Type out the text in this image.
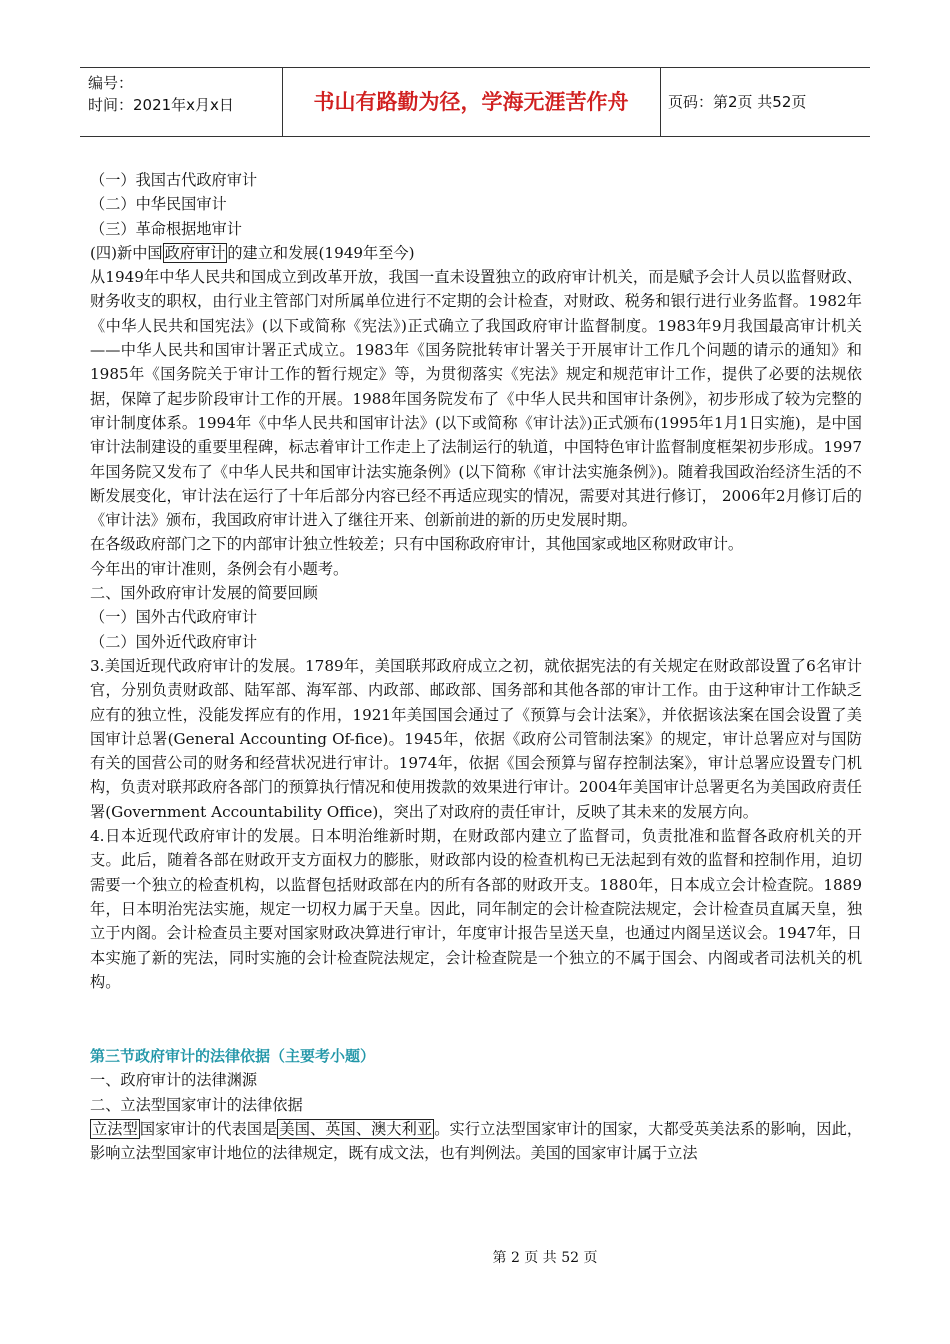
编号：
时间：2021年x月x日	书山有路勤为径，学海无涯苦作舟	页码：第2页 共52页

（一）我国古代政府审计

（二）中华民国审计

（三）革命根据地审计

(四)新中国 政府审计 的建立和发展(1949年至今)

从1949年中华人民共和国成立到改革开放，我国一直未设置独立的政府审计机关，而是赋予会计人员以监督财政、财务收支的职权，由行业主管部门对所属单位进行不定期的会计检查，对财政、税务和银行进行业务监督。1982年《中华人民共和国宪法》(以下或简称《宪法》)正式确立了我国政府审计监督制度。1983年9月我国最高审计机关——中华人民共和国审计署正式成立。1983年《国务院批转审计署关于开展审计工作几个问题的请示的通知》和1985年《国务院关于审计工作的暂行规定》等，为贯彻落实《宪法》规定和规范审计工作，提供了必要的法规依据，保障了起步阶段审计工作的开展。1988年国务院发布了《中华人民共和国审计条例》，初步形成了较为完整的审计制度体系。1994年《中华人民共和国审计法》(以下或简称《审计法》)正式颁布(1995年1月1日实施)，是中国审计法制建设的重要里程碑，标志着审计工作走上了法制运行的轨道，中国特色审计监督制度框架初步形成。1997年国务院又发布了《中华人民共和国审计法实施条例》(以下简称《审计法实施条例》)。随着我国政治经济生活的不断发展变化，审计法在运行了十年后部分内容已经不再适应现实的情况，需要对其进行修订， 2006年2月修订后的《审计法》颁布，我国政府审计进入了继往开来、创新前进的新的历史发展时期。

在各级政府部门之下的内部审计独立性较差；只有中国称政府审计，其他国家或地区称财政审计。

今年出的审计准则，条例会有小题考。

二、国外政府审计发展的简要回顾

（一）国外古代政府审计

（二）国外近代政府审计

3.美国近现代政府审计的发展。1789年，美国联邦政府成立之初，就依据宪法的有关规定在财政部设置了6名审计官，分别负责财政部、陆军部、海军部、内政部、邮政部、国务部和其他各部的审计工作。由于这种审计工作缺乏应有的独立性，没能发挥应有的作用，1921年美国国会通过了《预算与会计法案》，并依据该法案在国会设置了美国审计总署(General Accounting Of-fice)。1945年，依据《政府公司管制法案》的规定，审计总署应对与国防有关的国营公司的财务和经营状况进行审计。1974年，依据《国会预算与留存控制法案》，审计总署应设置专门机构，负责对联邦政府各部门的预算执行情况和使用拨款的效果进行审计。2004年美国审计总署更名为美国政府责任署(Government Accountability Office)，突出了对政府的责任审计，反映了其未来的发展方向。

4.日本近现代政府审计的发展。日本明治维新时期，在财政部内建立了监督司，负责批准和监督各政府机关的开支。此后，随着各部在财政开支方面权力的膨胀，财政部内设的检查机构已无法起到有效的监督和控制作用，迫切需要一个独立的检查机构，以监督包括财政部在内的所有各部的财政开支。1880年，日本成立会计检查院。1889年，日本明治宪法实施，规定一切权力属于天皇。因此，同年制定的会计检查院法规定，会计检查员直属天皇，独立于内阁。会计检查员主要对国家财政决算进行审计，年度审计报告呈送天皇，也通过内阁呈送议会。1947年，日本实施了新的宪法，同时实施的会计检查院法规定，会计检查院是一个独立的不属于国会、内阁或者司法机关的机构。

第三节政府审计的法律依据（主要考小题）

一、政府审计的法律渊源

二、立法型国家审计的法律依据

立法型 国家审计的代表国是 美国、英国、澳大利亚 。实行立法型国家审计的国家，大都受英美法系的影响，因此，影响立法型国家审计地位的法律规定，既有成文法，也有判例法。美国的国家审计属于立法

第 2 页 共 52 页
